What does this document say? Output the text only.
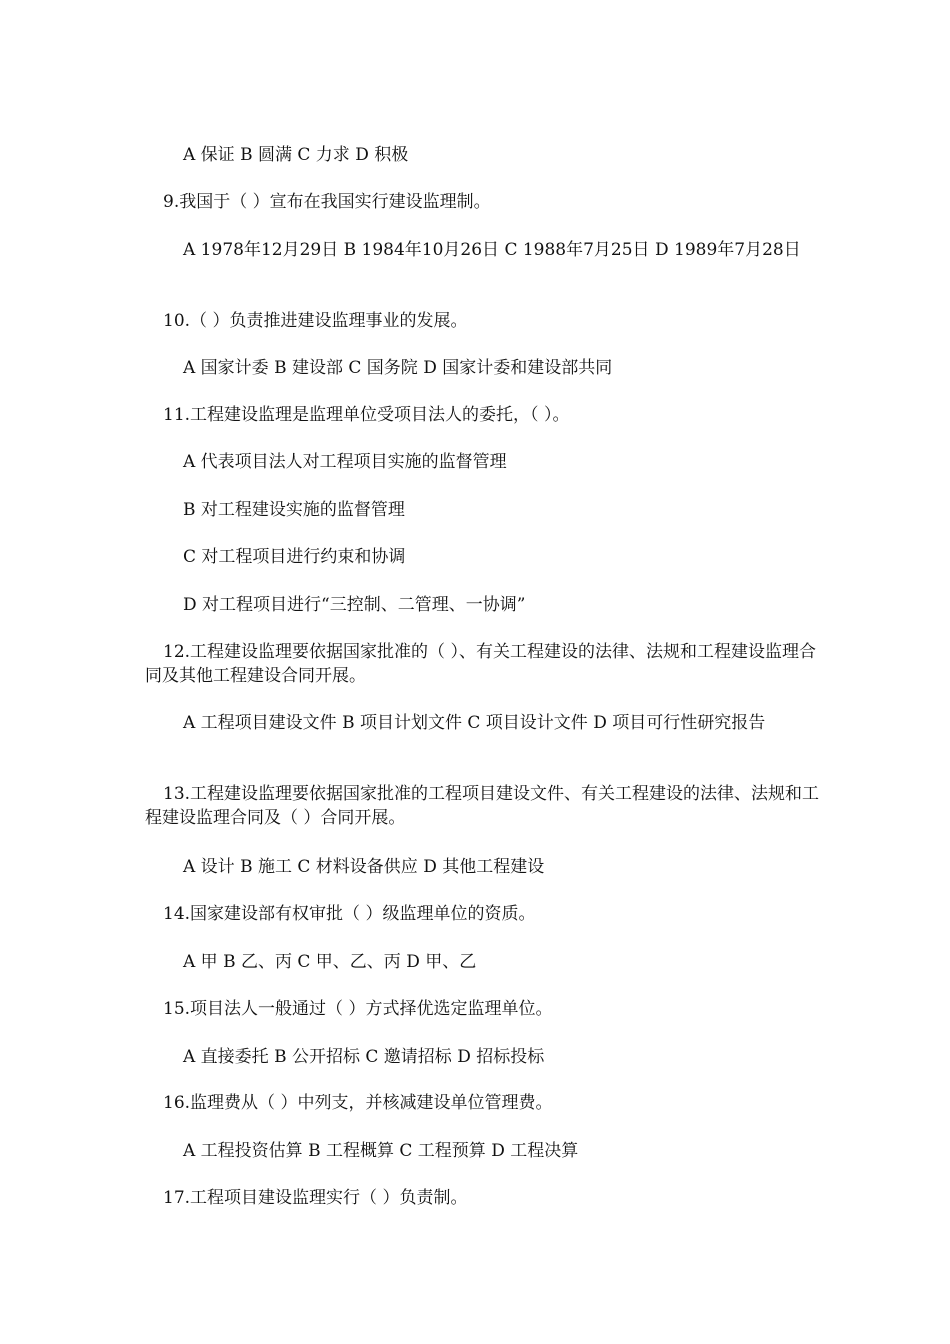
A 保证 B 圆满 C 力求 D 积极

9.我国于（ ）宣布在我国实行建设监理制。

A 1978年12月29日 B 1984年10月26日 C 1988年7月25日 D 1989年7月28日

10.（ ）负责推进建设监理事业的发展。

A 国家计委 B 建设部 C 国务院 D 国家计委和建设部共同

11.工程建设监理是监理单位受项目法人的委托，（ ）。

A 代表项目法人对工程项目实施的监督管理

B 对工程建设实施的监督管理

C 对工程项目进行约束和协调

D 对工程项目进行“三控制、二管理、一协调”

12.工程建设监理要依据国家批准的（ ）、有关工程建设的法律、法规和工程建设监理合同及其他工程建设合同开展。

A 工程项目建设文件 B 项目计划文件 C 项目设计文件 D 项目可行性研究报告

13.工程建设监理要依据国家批准的工程项目建设文件、有关工程建设的法律、法规和工程建设监理合同及（ ）合同开展。

A 设计 B 施工 C 材料设备供应 D 其他工程建设

14.国家建设部有权审批（ ）级监理单位的资质。

A 甲 B 乙、丙 C 甲、乙、丙 D 甲、乙

15.项目法人一般通过（ ）方式择优选定监理单位。

A 直接委托 B 公开招标 C 邀请招标 D 招标投标

16.监理费从（ ）中列支，并核减建设单位管理费。

A 工程投资估算 B 工程概算 C 工程预算 D 工程决算

17.工程项目建设监理实行（ ）负责制。
